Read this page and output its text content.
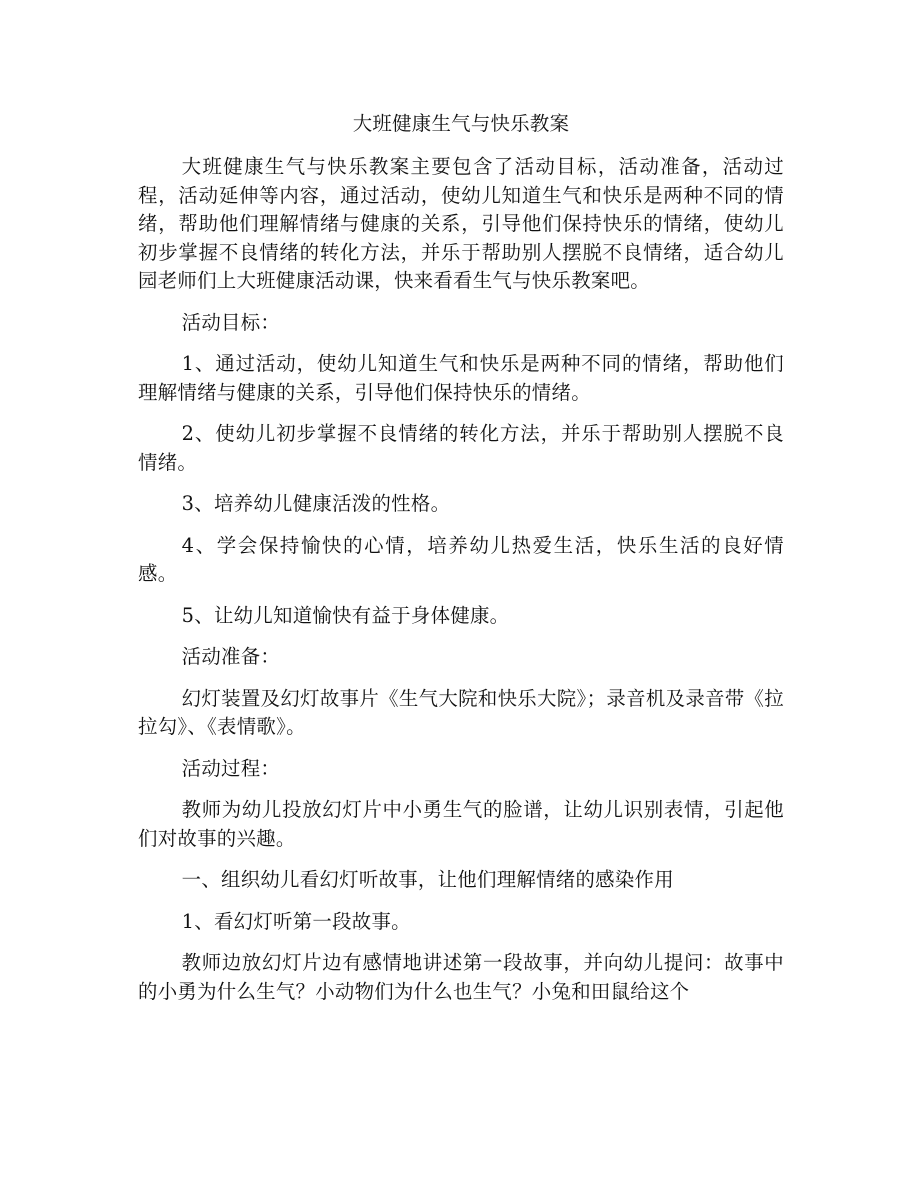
大班健康生气与快乐教案

大班健康生气与快乐教案主要包含了活动目标，活动准备，活动过程，活动延伸等内容，通过活动，使幼儿知道生气和快乐是两种不同的情绪，帮助他们理解情绪与健康的关系，引导他们保持快乐的情绪，使幼儿初步掌握不良情绪的转化方法，并乐于帮助别人摆脱不良情绪，适合幼儿园老师们上大班健康活动课，快来看看生气与快乐教案吧。

活动目标：

1、通过活动，使幼儿知道生气和快乐是两种不同的情绪，帮助他们理解情绪与健康的关系，引导他们保持快乐的情绪。

2、使幼儿初步掌握不良情绪的转化方法，并乐于帮助别人摆脱不良情绪。

3、培养幼儿健康活泼的性格。

4、学会保持愉快的心情，培养幼儿热爱生活，快乐生活的良好情感。

5、让幼儿知道愉快有益于身体健康。

活动准备：

幻灯装置及幻灯故事片《生气大院和快乐大院》；录音机及录音带《拉拉勾》、《表情歌》。

活动过程：

教师为幼儿投放幻灯片中小勇生气的脸谱，让幼儿识别表情，引起他们对故事的兴趣。

一、组织幼儿看幻灯听故事，让他们理解情绪的感染作用

1、看幻灯听第一段故事。

教师边放幻灯片边有感情地讲述第一段故事，并向幼儿提问：故事中的小勇为什么生气？小动物们为什么也生气？小兔和田鼠给这个
